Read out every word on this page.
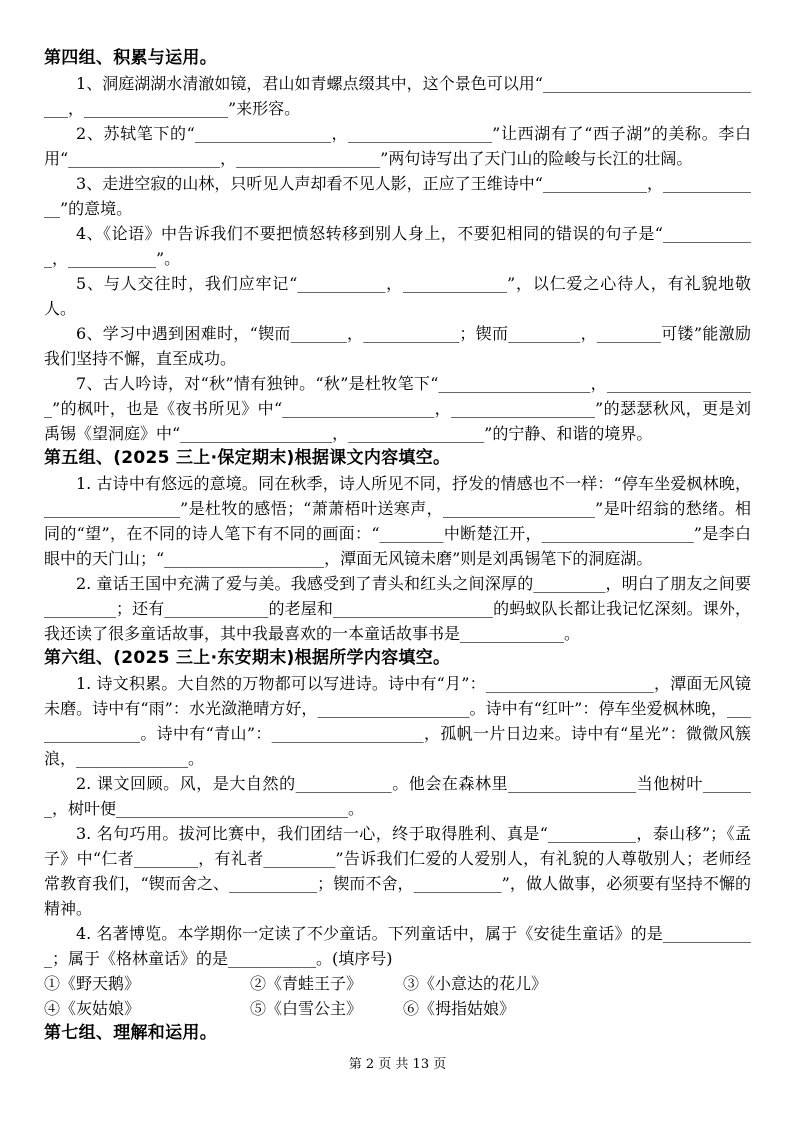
第四组、积累与运用。

1、洞庭湖湖水清澈如镜，君山如青螺点缀其中，这个景色可以用“_____________________________，__________________”来形容。

2、苏轼笔下的“_________________，__________________”让西湖有了“西子湖”的美称。李白用“___________________，__________________”两句诗写出了天门山的险峻与长江的壮阔。

3、走进空寂的山林，只听见人声却看不见人影，正应了王维诗中“_____________，_____________”的意境。

4、《论语》中告诉我们不要把愤怒转移到别人身上，不要犯相同的错误的句子是“____________，___________”。

5、与人交往时，我们应牢记“___________，_____________”，以仁爱之心待人，有礼貌地敬人。

6、学习中遇到困难时，“锲而_______，____________；锲而_________，________可镂”能激励我们坚持不懈，直至成功。

7、古人吟诗，对“秋”情有独钟。“秋”是杜牧笔下“___________________，___________________”的枫叶，也是《夜书所见》中“___________________，__________________”的瑟瑟秋风，更是刘禹锡《望洞庭》中“___________________，_________________”的宁静、和谐的境界。

第五组、(2025 三上·保定期末)根据课文内容填空。

1. 古诗中有悠远的意境。同在秋季，诗人所见不同，抒发的情感也不一样：“停车坐爱枫林晚，_________________”是杜牧的感悟；“萧萧梧叶送寒声，___________________”是叶绍翁的愁绪。相同的“望”，在不同的诗人笔下有不同的画面：“________中断楚江开，___________________”是李白眼中的天门山；“____________________，潭面无风镜未磨”则是刘禹锡笔下的洞庭湖。

2. 童话王国中充满了爱与美。我感受到了青头和红头之间深厚的_________，明白了朋友之间要_________；还有_____________的老屋和____________________的蚂蚁队长都让我记忆深刻。课外，我还读了很多童话故事，其中我最喜欢的一本童话故事书是_____________。

第六组、(2025 三上·东安期末)根据所学内容填空。

1. 诗文积累。大自然的万物都可以写进诗。诗中有“月”：_____________________，潭面无风镜未磨。诗中有“雨”：水光潋滟晴方好，___________________。诗中有“红叶”：停车坐爱枫林晚，_______________。诗中有“青山”：___________________，孤帆一片日边来。诗中有“星光”：微微风簇浪，______________。

2. 课文回顾。风，是大自然的____________。他会在森林里________________当他树叶_______，树叶便_____________________________。

3. 名句巧用。拔河比赛中，我们团结一心，终于取得胜利、真是“___________，泰山移”；《孟子》中“仁者________，有礼者_________”告诉我们仁爱的人爱别人，有礼貌的人尊敬别人；老师经常教育我们，“锲而舍之、___________；锲而不舍，___________”，做人做事，必须要有坚持不懈的精神。

4. 名著博览。本学期你一定读了不少童话。下列童话中，属于《安徒生童话》的是____________；属于《格林童话》的是___________。(填序号)

①《野天鹅》	②《青蛙王子》	③《小意达的花儿》
④《灰姑娘》	⑤《白雪公主》	⑥《拇指姑娘》
第七组、理解和运用。
第 2 页 共 13 页
